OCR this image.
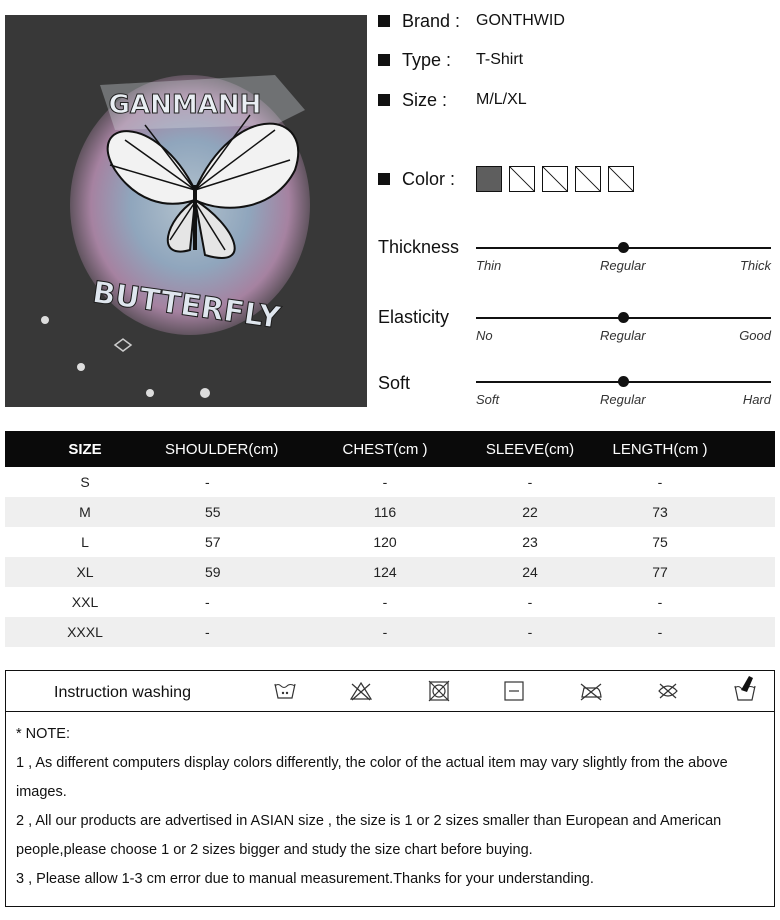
GANMANH
BUTTERFLY
Brand : GONTHWID
Type :	T-Shirt
Size :	M/L/XL
Color :
Thickness
Thin	Regular	Thick
Elasticity
No	Regular	Good
Soft
Soft	Regular	Hard
SIZE	SHOULDER(cm)	CHEST(cm )	SLEEVE(cm)	LENGTH(cm )
S	-	-	-	-
M	55	116	22	73
L	57	120	23	75
XL	59	124	24	77
XXL	-	-	-	-
XXXL	-	-	-	-
Instruction washing
* NOTE:
1 , As different computers display colors differently, the color of the actual item may vary slightly from the above
images.
2 , All our products are advertised in ASIAN size , the size is 1 or 2 sizes smaller than European and American
people,please choose 1 or 2 sizes bigger and study the size chart before buying.
3 , Please allow 1-3 cm error due to manual measurement.Thanks for your understanding.
